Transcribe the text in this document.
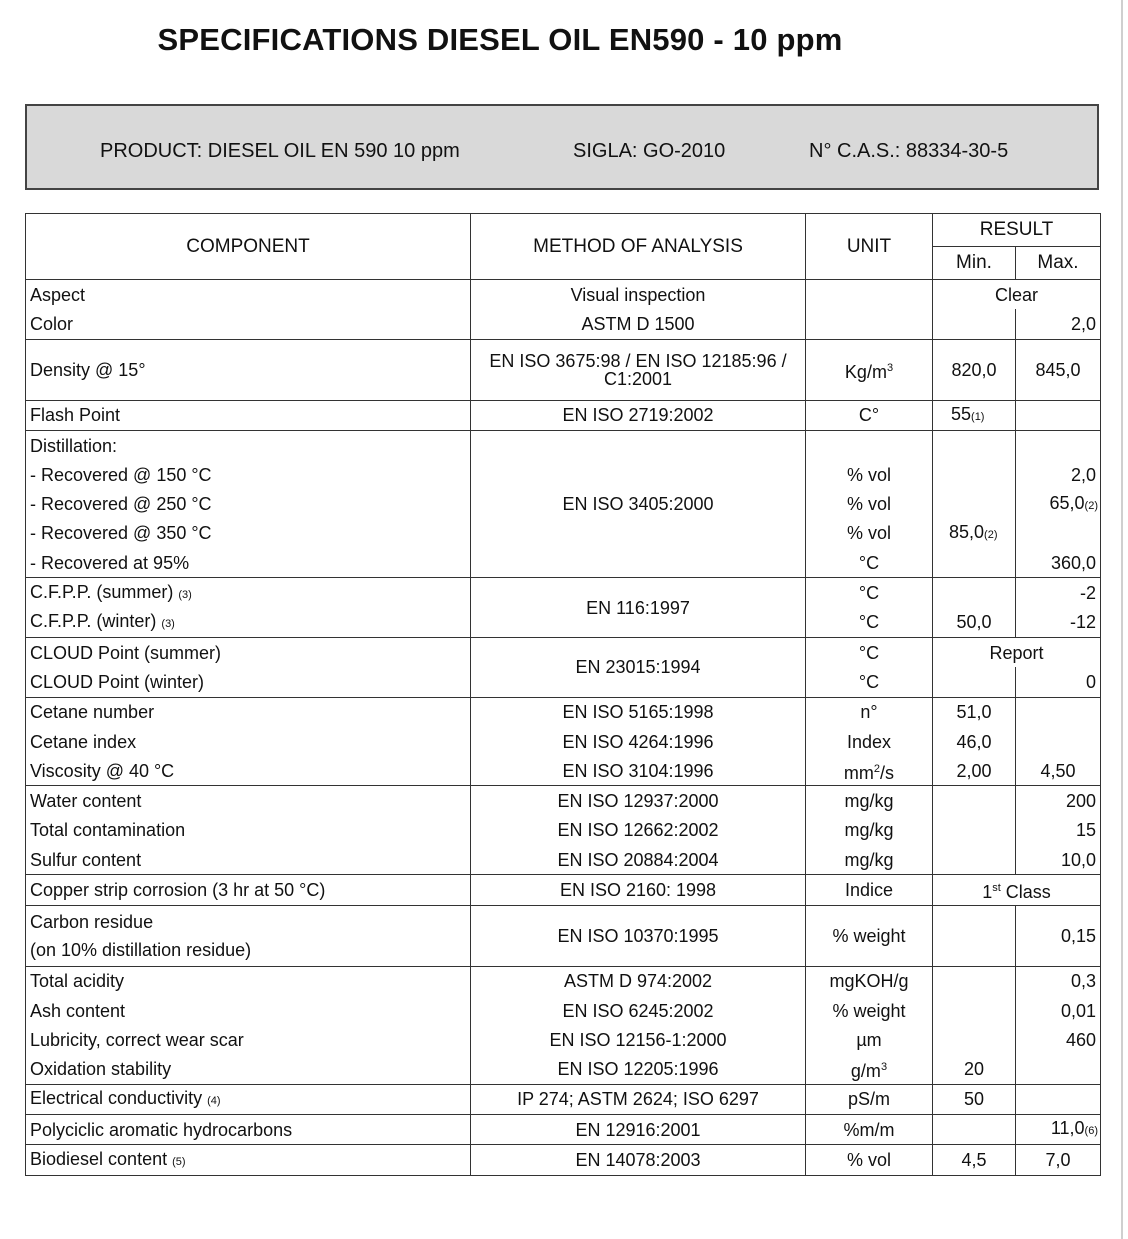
SPECIFICATIONS DIESEL OIL EN590 - 10 ppm
PRODUCT: DIESEL OIL EN 590 10 ppm	SIGLA: GO-2010	N° C.A.S.: 88334-30-5
COMPONENT	METHOD OF ANALYSIS	UNIT	RESULT	
			Min.	Max.
Aspect	Visual inspection		Clear	
Color	ASTM D 1500			2,0
Density @ 15°	EN ISO 3675:98 / EN ISO 12185:96 / C1:2001	$Kg/m^3$	820,0	845,0
Flash Point	EN ISO 2719:2002	C°	55(1)	
Distillation:	EN ISO 3405:2000			
- Recovered @ 150 °C		% vol		2,0
- Recovered @ 250 °C		% vol		65,0(2)
- Recovered @ 350 °C		% vol	85,0(2)	
- Recovered at 95%		°C		360,0
C.F.P.P. (summer) (3)	EN 116:1997	°C		-2
C.F.P.P. (winter) (3)		°C	50,0	-12
CLOUD Point (summer)	EN 23015:1994	°C	Report	
CLOUD Point (winter)		°C		0
Cetane number	EN ISO 5165:1998	n°	51,0	
Cetane index	EN ISO 4264:1996	Index	46,0	
Viscosity @ 40 °C	EN ISO 3104:1996	$mm^2/s$	2,00	4,50
Water content	EN ISO 12937:2000	mg/kg		200
Total contamination	EN ISO 12662:2002	mg/kg		15
Sulfur content	EN ISO 20884:2004	mg/kg		10,0
Copper strip corrosion (3 hr at 50 °C)	EN ISO 2160: 1998	Indice	1st Class	
Carbon residue
(on 10% distillation residue)	EN ISO 10370:1995	% weight		0,15
Total acidity	ASTM D 974:2002	mgKOH/g		0,3
Ash content	EN ISO 6245:2002	% weight		0,01
Lubricity, correct wear scar	EN ISO 12156-1:2000	µm		460
Oxidation stability	EN ISO 12205:1996	$g/m^3$	20	
Electrical conductivity (4)	IP 274; ASTM 2624; ISO 6297	pS/m	50	
Polyciclic aromatic hydrocarbons	EN 12916:2001	%m/m		11,0(6)
Biodiesel content (5)	EN 14078:2003	% vol	4,5	7,0
